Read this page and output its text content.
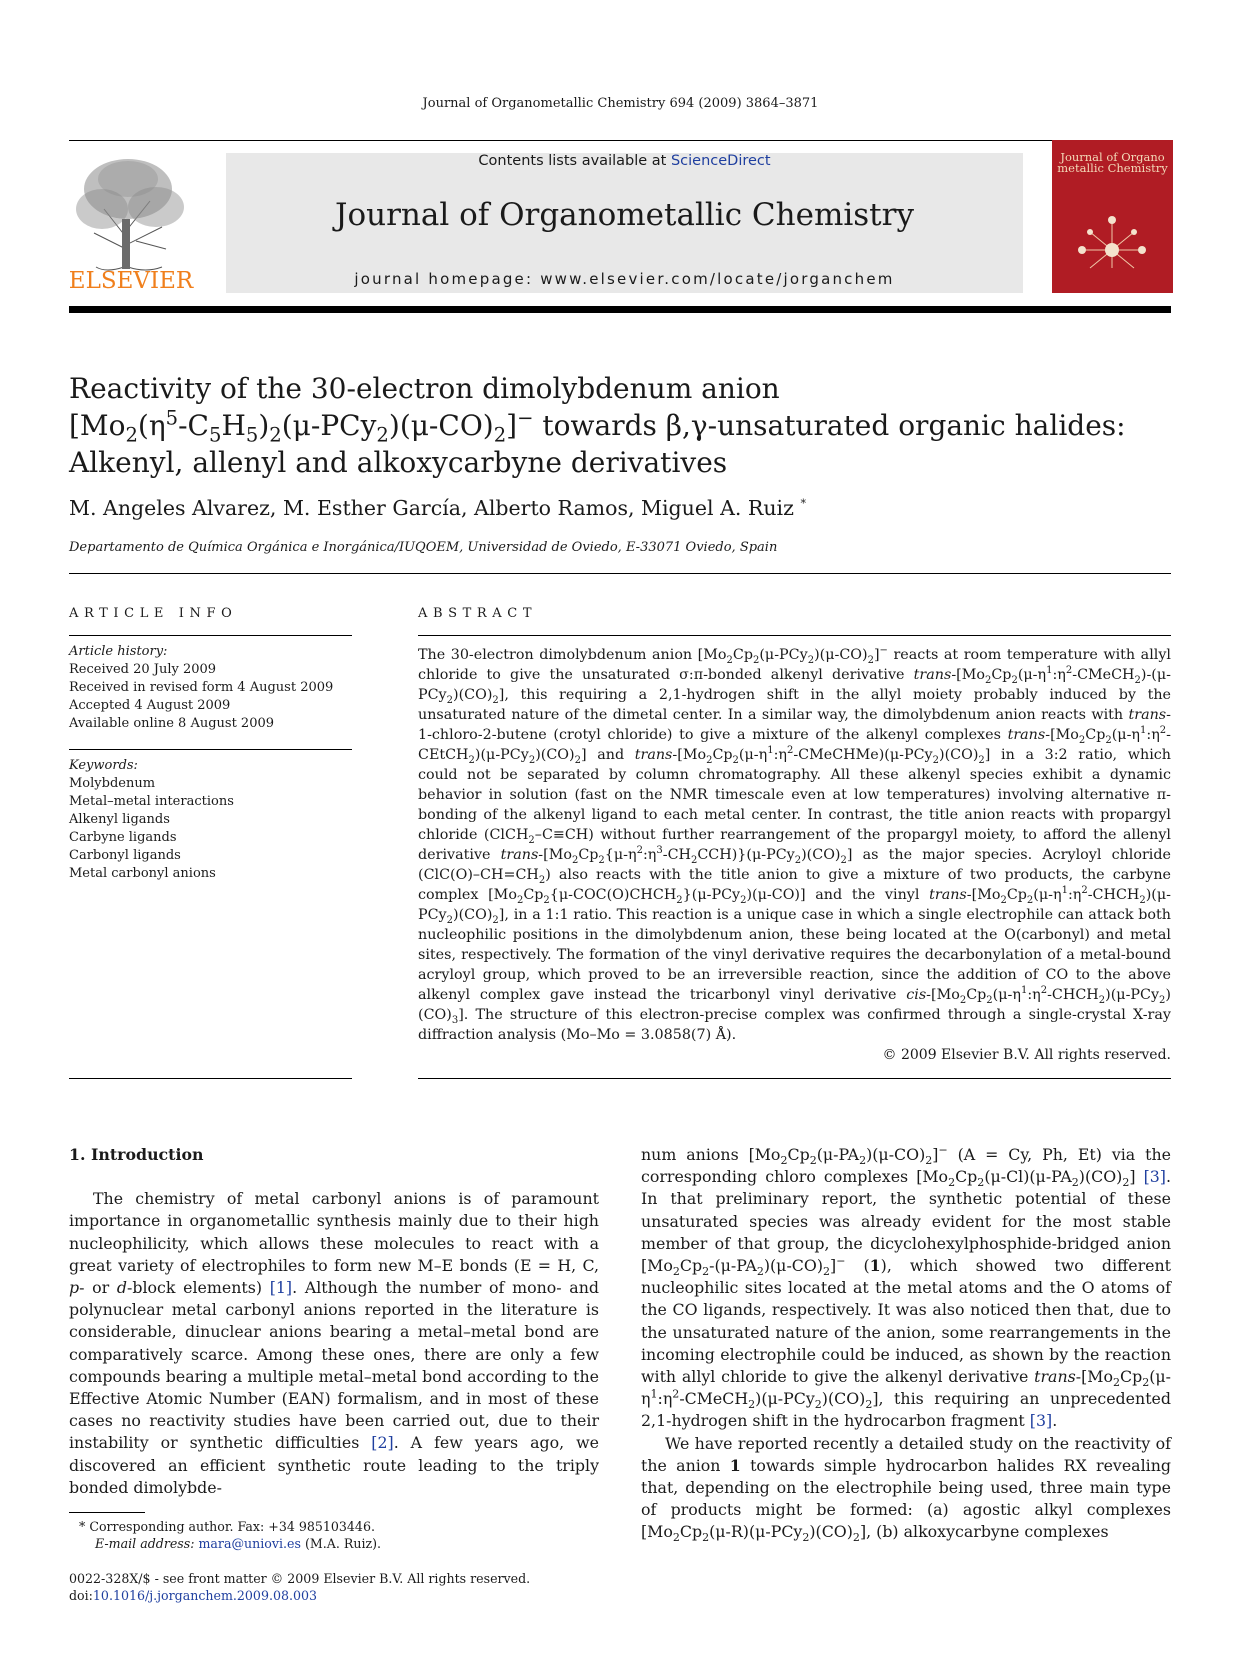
Journal of Organometallic Chemistry 694 (2009) 3864–3871
ELSEVIER
Contents lists available at ScienceDirect
Journal of Organometallic Chemistry
journal homepage: www.elsevier.com/locate/jorganchem
Journal of Organo metallic Chemistry
Reactivity of the 30-electron dimolybdenum anion
$[Mo_2(\eta^5-C_5H_5)_2(\mu-PCy_2)(\mu-CO)_2]^-$ towards β,γ-unsaturated organic halides:
Alkenyl, allenyl and alkoxycarbyne derivatives
M. Angeles Alvarez, M. Esther García, Alberto Ramos, Miguel A. Ruiz *
Departamento de Química Orgánica e Inorgánica/IUQOEM, Universidad de Oviedo, E-33071 Oviedo, Spain
ARTICLE INFO
Article history:
Received 20 July 2009
Received in revised form 4 August 2009
Accepted 4 August 2009
Available online 8 August 2009
Keywords:
Molybdenum
Metal–metal interactions
Alkenyl ligands
Carbyne ligands
Carbonyl ligands
Metal carbonyl anions
ABSTRACT
The 30-electron dimolybdenum anion $[Mo_2Cp_2(\mu-PCy_2)(\mu-CO)_2]^-$ reacts at room temperature with allyl chloride to give the unsaturated σ:π-bonded alkenyl derivative trans-$[Mo_2Cp_2(\mu-\eta^1:\eta^2-CMeCH_2)-(\mu-PCy_2)(CO)_2]$, this requiring a 2,1-hydrogen shift in the allyl moiety probably induced by the unsaturated nature of the dimetal center. In a similar way, the dimolybdenum anion reacts with trans-1-chloro-2-butene (crotyl chloride) to give a mixture of the alkenyl complexes trans-$[Mo_2Cp_2(\mu-\eta^1:\eta^2-CEtCH_2)(\mu-PCy_2)(CO)_2]$ and trans-$[Mo_2Cp_2(\mu-\eta^1:\eta^2-CMeCHMe)(\mu-PCy_2)(CO)_2]$ in a 3:2 ratio, which could not be separated by column chromatography. All these alkenyl species exhibit a dynamic behavior in solution (fast on the NMR timescale even at low temperatures) involving alternative π-bonding of the alkenyl ligand to each metal center. In contrast, the title anion reacts with propargyl chloride (ClCH$_2$–C≡CH) without further rearrangement of the propargyl moiety, to afford the allenyl derivative trans-$[Mo_2Cp_2\{\mu-\eta^2:\eta^3-CH_2CCH)\}(\mu-PCy_2)(CO)_2$] as the major species. Acryloyl chloride $(ClC(O)-CH=CH_2)$ also reacts with the title anion to give a mixture of two products, the carbyne complex $[Mo_2Cp_2\{\mu-COC(O)CHCH_2\}(\mu-PCy_2)(\mu-CO)]$ and the vinyl trans-$[Mo_2Cp_2(\mu-\eta^1:\eta^2-CHCH_2)(\mu-PCy_2)(CO)_2]$, in a 1:1 ratio. This reaction is a unique case in which a single electrophile can attack both nucleophilic positions in the dimolybdenum anion, these being located at the O(carbonyl) and metal sites, respectively. The formation of the vinyl derivative requires the decarbonylation of a metal-bound acryloyl group, which proved to be an irreversible reaction, since the addition of CO to the above alkenyl complex gave instead the tricarbonyl vinyl derivative cis-$[Mo_2Cp_2(\mu-\eta^1:\eta^2-CHCH_2)(\mu-PCy_2)(CO)_3]$. The structure of this electron-precise complex was confirmed through a single-crystal X-ray diffraction analysis (Mo–Mo = 3.0858(7) Å).
© 2009 Elsevier B.V. All rights reserved.

1. Introduction

The chemistry of metal carbonyl anions is of paramount importance in organometallic synthesis mainly due to their high nucleophilicity, which allows these molecules to react with a great variety of electrophiles to form new M–E bonds (E = H, C, p- or d-block elements) [1]. Although the number of mono- and polynuclear metal carbonyl anions reported in the literature is considerable, dinuclear anions bearing a metal–metal bond are comparatively scarce. Among these ones, there are only a few compounds bearing a multiple metal–metal bond according to the Effective Atomic Number (EAN) formalism, and in most of these cases no reactivity studies have been carried out, due to their instability or synthetic difficulties [2]. A few years ago, we discovered an efficient synthetic route leading to the triply bonded dimolybde-

num anions $[Mo_2Cp_2(\mu-PA_2)(\mu-CO)_2]^-$ (A = Cy, Ph, Et) via the corresponding chloro complexes $[Mo_2Cp_2(\mu-Cl)(\mu-PA_2)(CO)_2]$ [3]. In that preliminary report, the synthetic potential of these unsaturated species was already evident for the most stable member of that group, the dicyclohexylphosphide-bridged anion $[Mo_2Cp_2-(\mu-PA_2)(\mu-CO)_2]^-$ (1), which showed two different nucleophilic sites located at the metal atoms and the O atoms of the CO ligands, respectively. It was also noticed then that, due to the unsaturated nature of the anion, some rearrangements in the incoming electrophile could be induced, as shown by the reaction with allyl chloride to give the alkenyl derivative trans-$[Mo_2Cp_2(\mu-\eta^1:\eta^2-CMeCH_2)(\mu-PCy_2)(CO)_2]$, this requiring an unprecedented 2,1-hydrogen shift in the hydrocarbon fragment [3].

We have reported recently a detailed study on the reactivity of the anion 1 towards simple hydrocarbon halides RX revealing that, depending on the electrophile being used, three main type of products might be formed: (a) agostic alkyl complexes $[Mo_2Cp_2(\mu-R)(\mu-PCy_2)(CO)_2]$, (b) alkoxycarbyne complexes

* Corresponding author. Fax: +34 985103446.
E-mail address: mara@uniovi.es (M.A. Ruiz).
0022-328X/$ - see front matter © 2009 Elsevier B.V. All rights reserved.
doi:10.1016/j.jorganchem.2009.08.003
